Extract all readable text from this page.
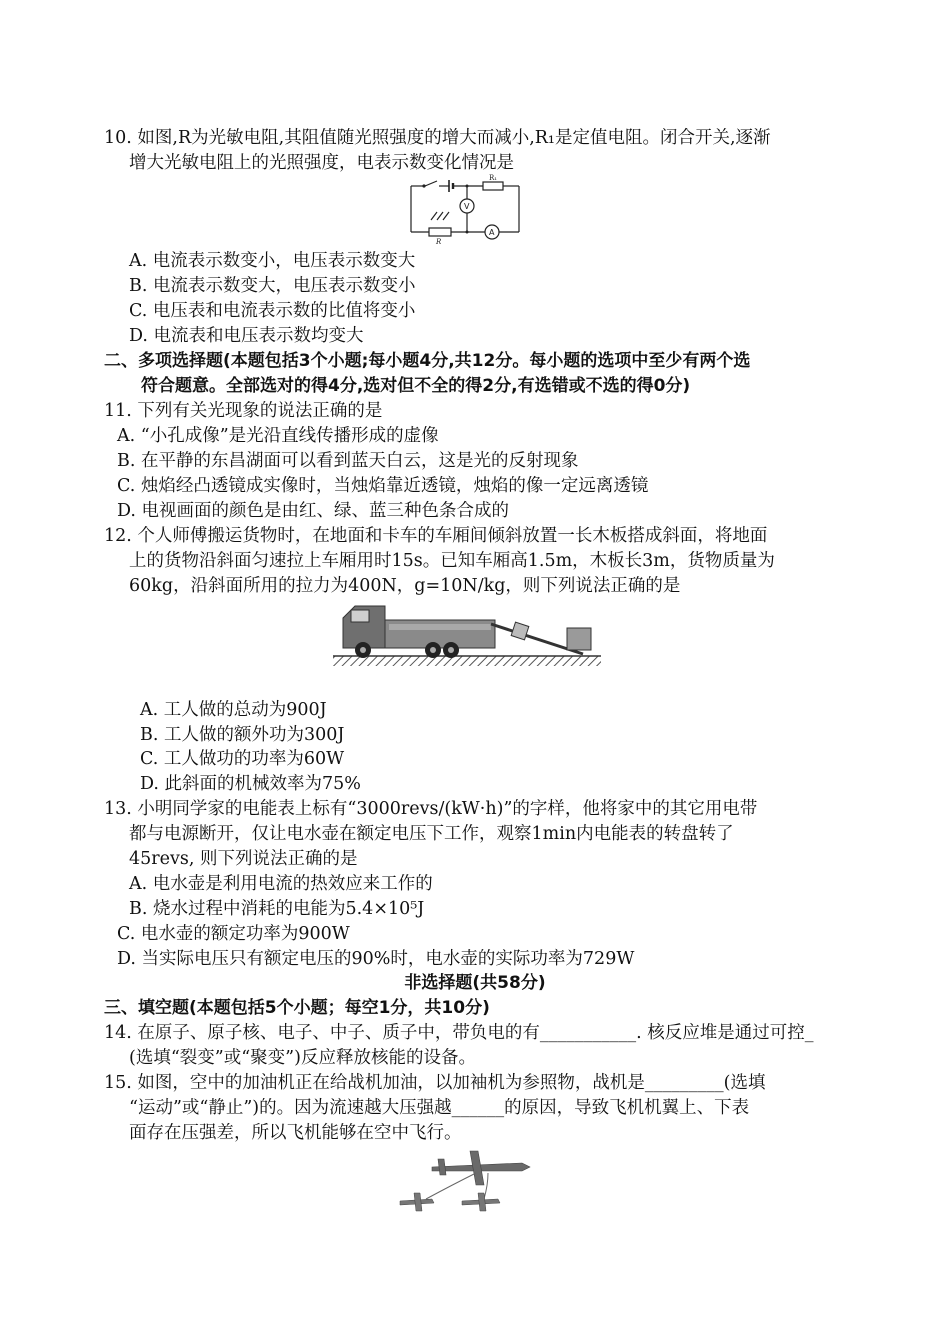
10. 如图,R为光敏电阻,其阻值随光照强度的增大而减小,R₁是定值电阻。闭合开关,逐渐
增大光敏电阻上的光照强度，电表示数变化情况是
R₁
R
V
A
A. 电流表示数变小，电压表示数变大
B. 电流表示数变大，电压表示数变小
C. 电压表和电流表示数的比值将变小
D. 电流表和电压表示数均变大
二、多项选择题(本题包括3个小题;每小题4分,共12分。每小题的选项中至少有两个选
符合题意。全部选对的得4分,选对但不全的得2分,有选错或不选的得0分)
11. 下列有关光现象的说法正确的是
A. “小孔成像”是光沿直线传播形成的虚像
B. 在平静的东昌湖面可以看到蓝天白云，这是光的反射现象
C. 烛焰经凸透镜成实像时，当烛焰靠近透镜，烛焰的像一定远离透镜
D. 电视画面的颜色是由红、绿、蓝三种色条合成的
12. 个人师傅搬运货物时，在地面和卡车的车厢间倾斜放置一长木板搭成斜面，将地面
上的货物沿斜面匀速拉上车厢用时15s。已知车厢高1.5m，木板长3m，货物质量为
60kg，沿斜面所用的拉力为400N，g=10N/kg，则下列说法正确的是
A. 工人做的总动为900J
B. 工人做的额外功为300J
C. 工人做功的功率为60W
D. 此斜面的机械效率为75%
13. 小明同学家的电能表上标有“3000revs/(kW·h)”的字样，他将家中的其它用电带
都与电源断开，仅让电水壶在额定电压下工作，观察1min内电能表的转盘转了
45revs, 则下列说法正确的是
A. 电水壶是利用电流的热效应来工作的
B. 烧水过程中消耗的电能为5.4×10⁵J
C. 电水壶的额定功率为900W
D. 当实际电压只有额定电压的90%时，电水壶的实际功率为729W
非选择题(共58分)
三、填空题(本题包括5个小题；每空1分，共10分)
14. 在原子、原子核、电子、中子、质子中，带负电的有___________. 核反应堆是通过可控_
(选填“裂变”或“聚变”)反应释放核能的设备。
15. 如图，空中的加油机正在给战机加油，以加袖机为参照物，战机是_________(选填
“运动”或“静止”)的。因为流速越大压强越______的原因，导致飞机机翼上、下表
面存在压强差，所以飞机能够在空中飞行。
